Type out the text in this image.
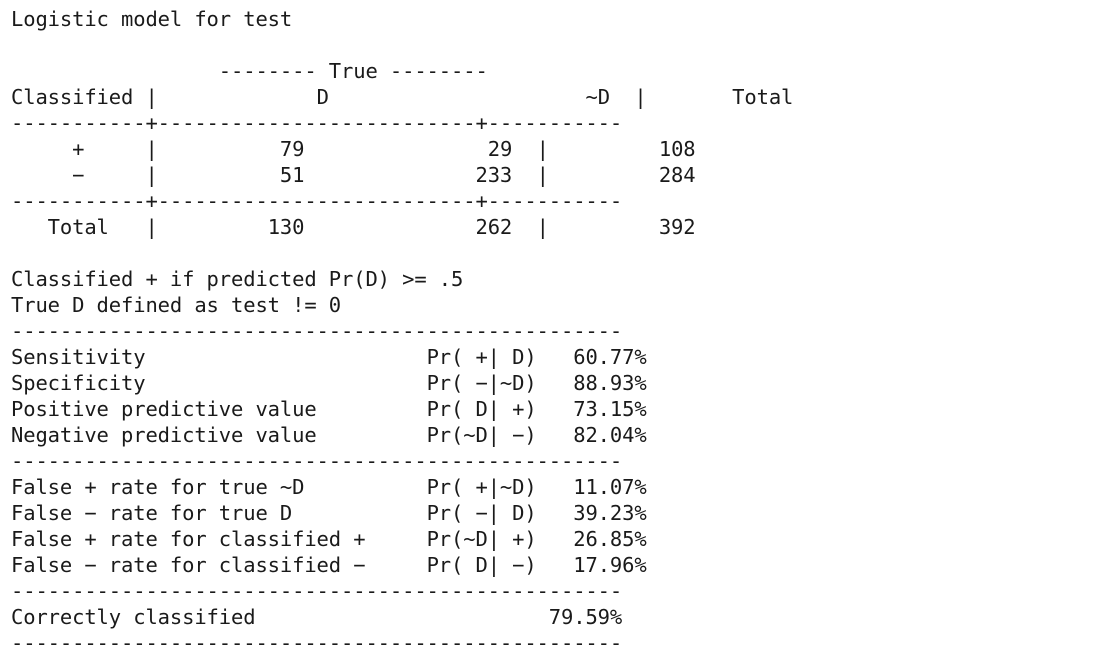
Logistic model for test

-------- True --------
Classified |             D	~D  |       Total
-----------+--------------------------+-----------
+     |          79	29  |         108
−     |          51	233  |         284
-----------+--------------------------+-----------
Total   |         130	262  |         392

Classified + if predicted Pr(D) >= .5
True D defined as test != 0
--------------------------------------------------
Sensitivity	Pr( +| D) 60.77%
Specificity	Pr( −|~D) 88.93%
Positive predictive value	Pr( D| +) 73.15%
Negative predictive value	Pr(~D| −) 82.04%
--------------------------------------------------
False + rate for true ~D	Pr( +|~D) 11.07%
False − rate for true D	Pr( −| D) 39.23%
False + rate for classified +	Pr(~D| +) 26.85%
False − rate for classified −	Pr( D| −) 17.96%
--------------------------------------------------
Correctly classified	79.59%
--------------------------------------------------
